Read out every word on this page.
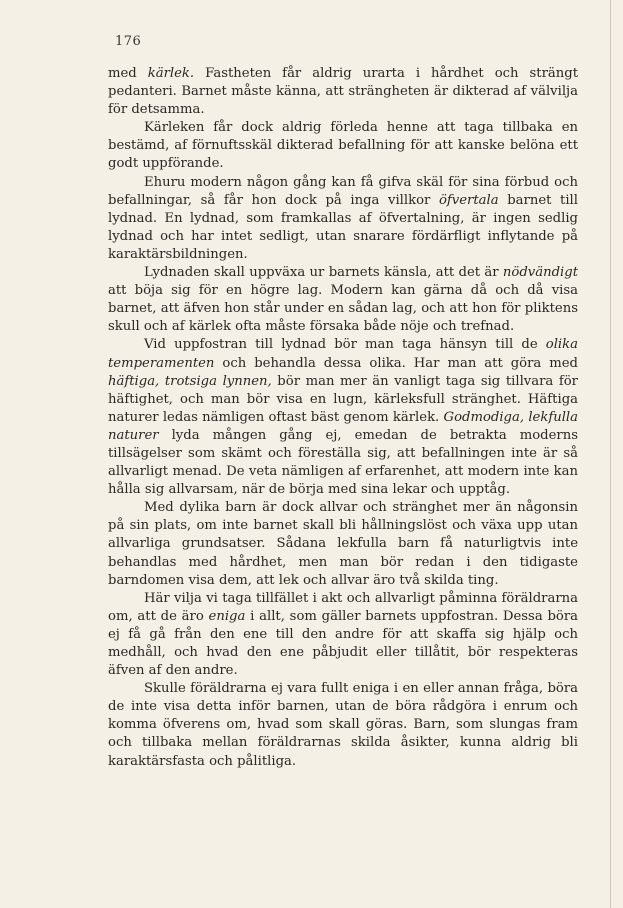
176

med kärlek. Fastheten får aldrig urarta i hårdhet och strängt pedanteri. Barnet måste känna, att strängheten är dikterad af välvilja för detsamma.

Kärleken får dock aldrig förleda henne att taga tillbaka en bestämd, af förnuftsskäl dikterad befallning för att kanske belöna ett godt uppförande.

Ehuru modern någon gång kan få gifva skäl för sina förbud och befallningar, så får hon dock på inga villkor öfvertala barnet till lydnad. En lydnad, som framkallas af öfvertalning, är ingen sedlig lydnad och har intet sedligt, utan snarare fördärfligt inflytande på karaktärsbildningen.

Lydnaden skall uppväxa ur barnets känsla, att det är nödvändigt att böja sig för en högre lag. Modern kan gärna då och då visa barnet, att äfven hon står under en sådan lag, och att hon för pliktens skull och af kärlek ofta måste försaka både nöje och trefnad.

Vid uppfostran till lydnad bör man taga hänsyn till de olika temperamenten och behandla dessa olika. Har man att göra med häftiga, trotsiga lynnen, bör man mer än vanligt taga sig tillvara för häftighet, och man bör visa en lugn, kärleksfull stränghet. Häftiga naturer ledas nämligen oftast bäst genom kärlek. Godmodiga, lekfulla naturer lyda mången gång ej, emedan de betrakta moderns tillsägelser som skämt och föreställa sig, att befallningen inte är så allvarligt menad. De veta nämligen af erfarenhet, att modern inte kan hålla sig allvarsam, när de börja med sina lekar och upptåg.

Med dylika barn är dock allvar och stränghet mer än någonsin på sin plats, om inte barnet skall bli hållningslöst och växa upp utan allvarliga grundsatser. Sådana lekfulla barn få naturligtvis inte behandlas med hårdhet, men man bör redan i den tidigaste barndomen visa dem, att lek och allvar äro två skilda ting.

Här vilja vi taga tillfället i akt och allvarligt påminna föräldrarna om, att de äro eniga i allt, som gäller barnets uppfostran. Dessa böra ej få gå från den ene till den andre för att skaffa sig hjälp och medhåll, och hvad den ene påbjudit eller tillåtit, bör respekteras äfven af den andre.

Skulle föräldrarna ej vara fullt eniga i en eller annan fråga, böra de inte visa detta inför barnen, utan de böra rådgöra i enrum och komma öfverens om, hvad som skall göras. Barn, som slungas fram och tillbaka mellan föräldrarnas skilda åsikter, kunna aldrig bli karaktärsfasta och pålitliga.
